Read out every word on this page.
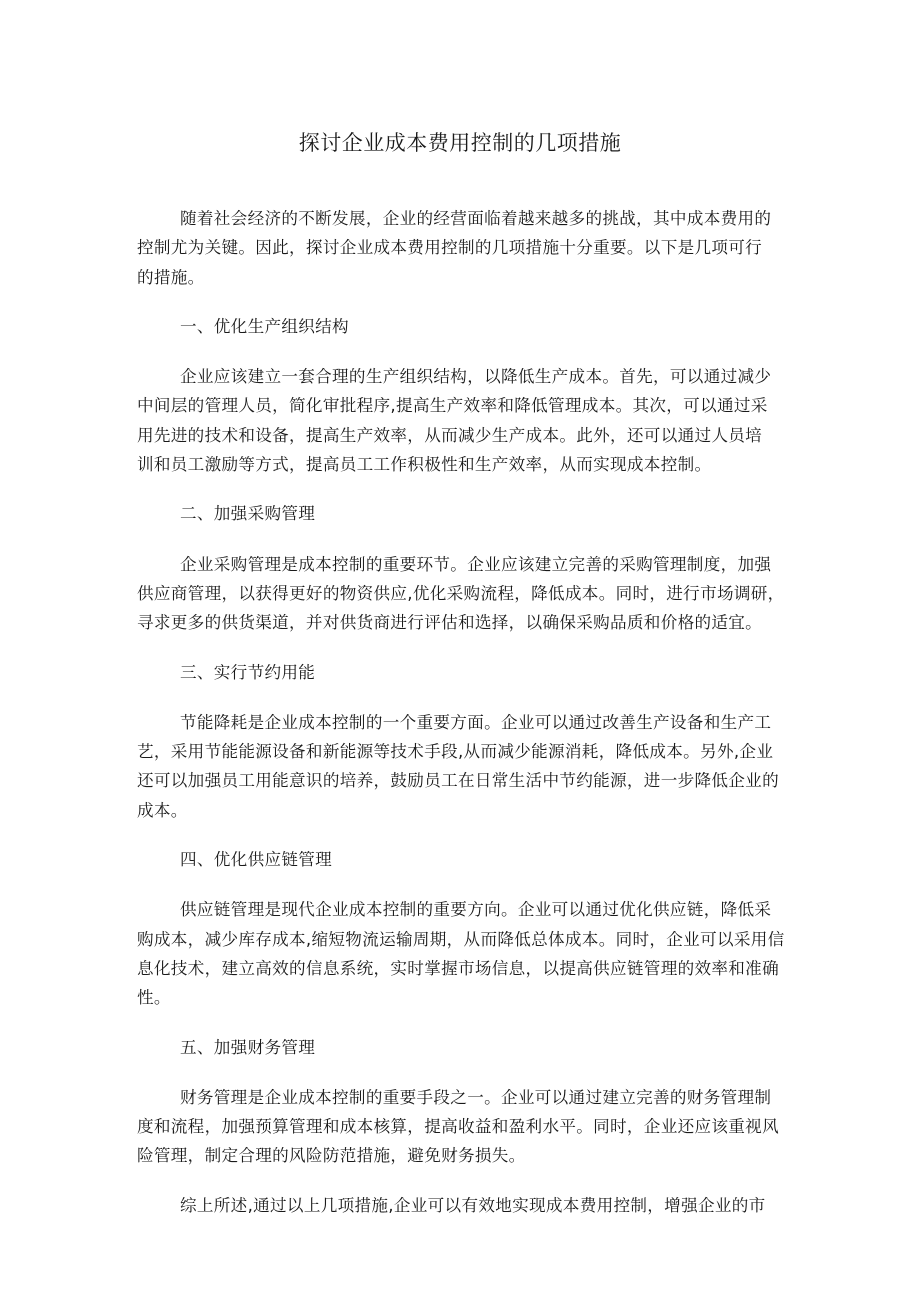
探讨企业成本费用控制的几项措施
随着社会经济的不断发展，企业的经营面临着越来越多的挑战，其中成本费用的
控制尤为关键。因此，探讨企业成本费用控制的几项措施十分重要。以下是几项可行
的措施。
一、优化生产组织结构
企业应该建立一套合理的生产组织结构，以降低生产成本。首先，可以通过减少
中间层的管理人员，简化审批程序,提高生产效率和降低管理成本。其次，可以通过采
用先进的技术和设备，提高生产效率，从而减少生产成本。此外，还可以通过人员培
训和员工激励等方式，提高员工工作积极性和生产效率，从而实现成本控制。
二、加强采购管理
企业采购管理是成本控制的重要环节。企业应该建立完善的采购管理制度，加强
供应商管理，以获得更好的物资供应,优化采购流程，降低成本。同时，进行市场调研，
寻求更多的供货渠道，并对供货商进行评估和选择，以确保采购品质和价格的适宜。
三、实行节约用能
节能降耗是企业成本控制的一个重要方面。企业可以通过改善生产设备和生产工
艺，采用节能能源设备和新能源等技术手段,从而减少能源消耗，降低成本。另外,企业
还可以加强员工用能意识的培养，鼓励员工在日常生活中节约能源，进一步降低企业的
成本。
四、优化供应链管理
供应链管理是现代企业成本控制的重要方向。企业可以通过优化供应链，降低采
购成本，减少库存成本,缩短物流运输周期，从而降低总体成本。同时，企业可以采用信
息化技术，建立高效的信息系统，实时掌握市场信息，以提高供应链管理的效率和准确
性。
五、加强财务管理
财务管理是企业成本控制的重要手段之一。企业可以通过建立完善的财务管理制
度和流程，加强预算管理和成本核算，提高收益和盈利水平。同时，企业还应该重视风
险管理，制定合理的风险防范措施，避免财务损失。
综上所述,通过以上几项措施,企业可以有效地实现成本费用控制，增强企业的市
